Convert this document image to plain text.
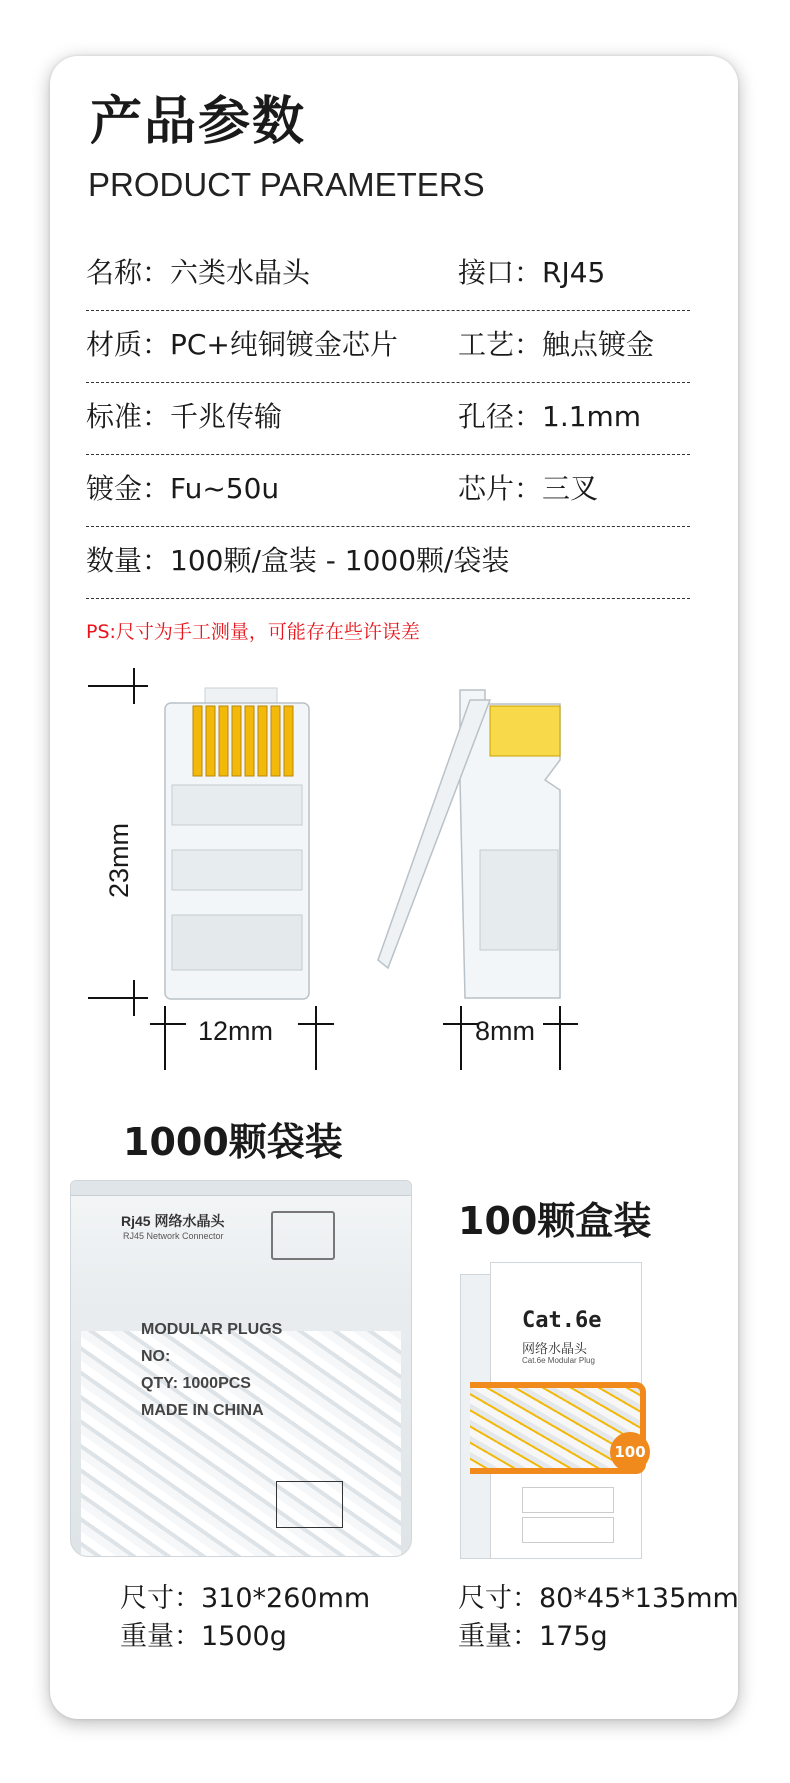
产品参数
PRODUCT PARAMETERS
名称：六类水晶头	接口：RJ45
材质：PC+纯铜镀金芯片 工艺：触点镀金
标准：千兆传输	孔径：1.1mm
镀金：Fu~50u	芯片：三叉
数量：100颗/盒装 - 1000颗/袋装
PS:尺寸为手工测量，可能存在些许误差
23mm
12mm	8mm
1000颗袋装
Rj45 网络水晶头
RJ45 Network Connector
MODULAR PLUGS
NO:
QTY: 1000PCS
MADE IN CHINA
尺寸：310*260mm
重量：1500g
100颗盒装
Cat.6e
网络水晶头
Cat.6e Modular Plug
100
尺寸：80*45*135mm
重量：175g
